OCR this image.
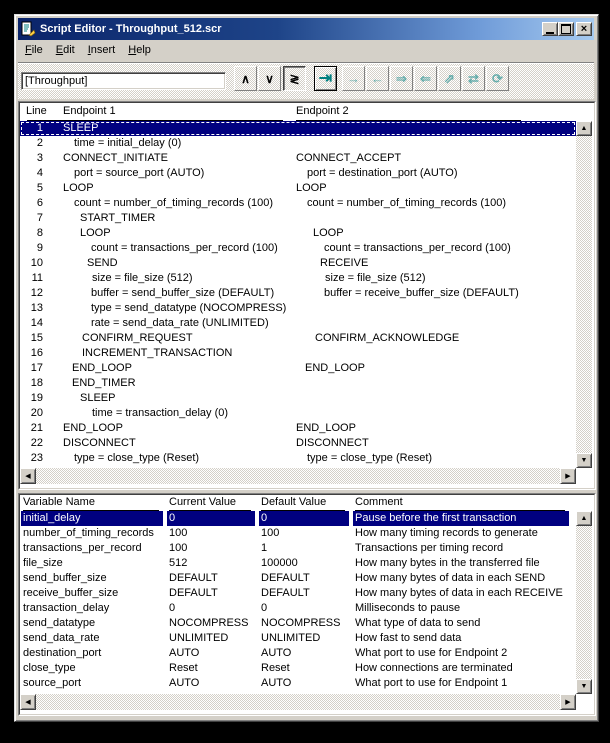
Script Editor - Throughput_512.scr	×
File Edit Insert Help
[Throughput]
∧ ∨ ≷ ⇥ → ← ⇒ ⇐ ⇗ ⇄ ⟳
Line Endpoint 1	Endpoint 2
1 SLEEP
2	time = initial_delay (0)
3 CONNECT_INITIATE	CONNECT_ACCEPT
4	port = source_port (AUTO)	port = destination_port (AUTO)
5 LOOP	LOOP
6	count = number_of_timing_records (100)	count = number_of_timing_records (100)
7	START_TIMER
8	LOOP	LOOP
9	count = transactions_per_record (100)	count = transactions_per_record (100)
10	SEND	RECEIVE
11	size = file_size (512)	size = file_size (512)
12	buffer = send_buffer_size (DEFAULT)	buffer = receive_buffer_size (DEFAULT)
13	type = send_datatype (NOCOMPRESS)
14	rate = send_data_rate (UNLIMITED)
15	CONFIRM_REQUEST	CONFIRM_ACKNOWLEDGE
16	INCREMENT_TRANSACTION
17	END_LOOP	END_LOOP
18	END_TIMER
19	SLEEP
20	time = transaction_delay (0)
21 END_LOOP	END_LOOP
22 DISCONNECT	DISCONNECT
23	type = close_type (Reset)	type = close_type (Reset)
▲
▼
◀	▶
Variable Name	Current Value Default Value	Comment
initial_delay	0	0	Pause before the first transaction
number_of_timing_records	100	100	How many timing records to generate
transactions_per_record	100	1	Transactions per timing record
file_size	512	100000	How many bytes in the transferred file
send_buffer_size	DEFAULT	DEFAULT	How many bytes of data in each SEND
receive_buffer_size	DEFAULT	DEFAULT	How many bytes of data in each RECEIVE
transaction_delay	0	0	Milliseconds to pause
send_datatype	NOCOMPRESS	NOCOMPRESS	What type of data to send
send_data_rate	UNLIMITED	UNLIMITED	How fast to send data
destination_port	AUTO	AUTO	What port to use for Endpoint 2
close_type	Reset	Reset	How connections are terminated
source_port	AUTO	AUTO	What port to use for Endpoint 1
▲
▼
◀	▶
